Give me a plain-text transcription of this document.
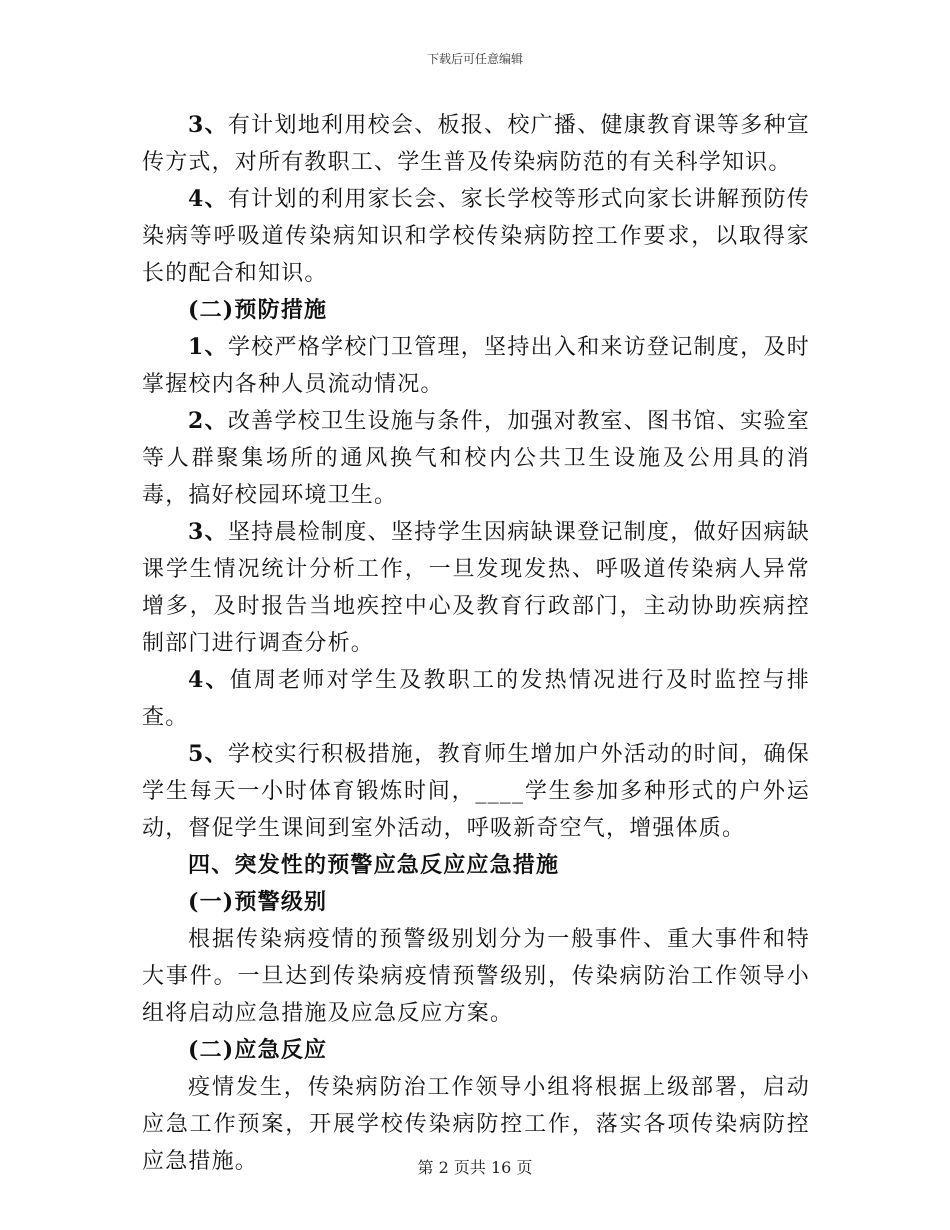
下载后可任意编辑

3、有计划地利用校会、板报、校广播、健康教育课等多种宣传方式，对所有教职工、学生普及传染病防范的有关科学知识。

4、有计划的利用家长会、家长学校等形式向家长讲解预防传染病等呼吸道传染病知识和学校传染病防控工作要求，以取得家长的配合和知识。

(二)预防措施

1、学校严格学校门卫管理，坚持出入和来访登记制度，及时掌握校内各种人员流动情况。

2、改善学校卫生设施与条件，加强对教室、图书馆、实验室等人群聚集场所的通风换气和校内公共卫生设施及公用具的消毒，搞好校园环境卫生。

3、坚持晨检制度、坚持学生因病缺课登记制度，做好因病缺课学生情况统计分析工作，一旦发现发热、呼吸道传染病人异常增多，及时报告当地疾控中心及教育行政部门，主动协助疾病控制部门进行调查分析。

4、值周老师对学生及教职工的发热情况进行及时监控与排查。

5、学校实行积极措施，教育师生增加户外活动的时间，确保学生每天一小时体育锻炼时间，____学生参加多种形式的户外运动，督促学生课间到室外活动，呼吸新奇空气，增强体质。

四、突发性的预警应急反应应急措施

(一)预警级别

根据传染病疫情的预警级别划分为一般事件、重大事件和特大事件。一旦达到传染病疫情预警级别，传染病防治工作领导小组将启动应急措施及应急反应方案。

(二)应急反应

疫情发生，传染病防治工作领导小组将根据上级部署，启动应急工作预案，开展学校传染病防控工作，落实各项传染病防控应急措施。	第 2 页共 16 页
